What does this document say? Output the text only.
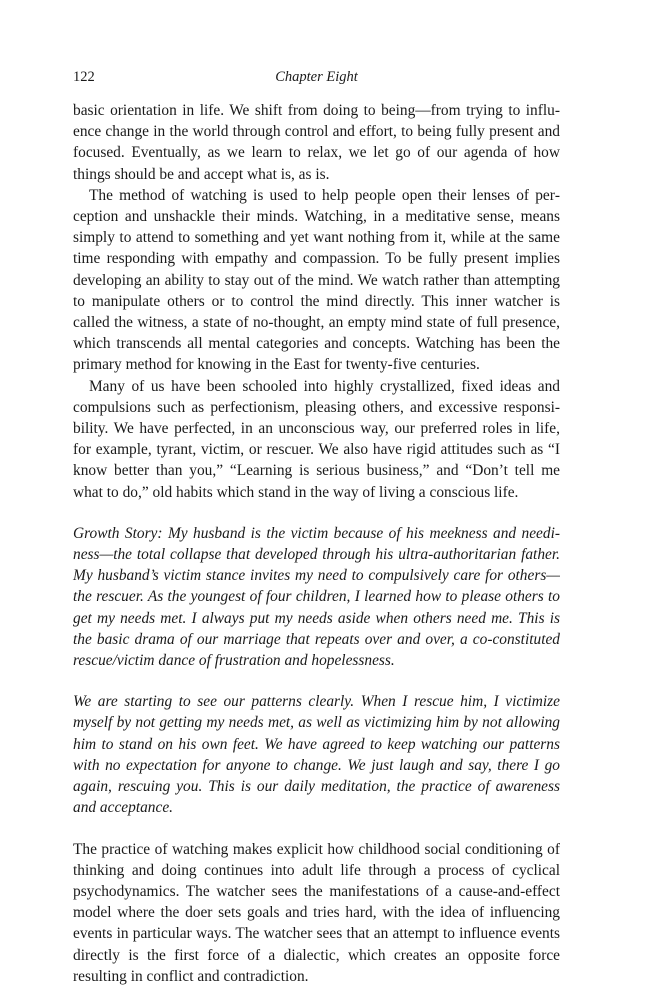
122	Chapter Eight

basic orientation in life. We shift from doing to being—from trying to influence change in the world through control and effort, to being fully present and focused. Eventually, as we learn to relax, we let go of our agenda of how things should be and accept what is, as is.

The method of watching is used to help people open their lenses of perception and unshackle their minds. Watching, in a meditative sense, means simply to attend to something and yet want nothing from it, while at the same time responding with empathy and compassion. To be fully present implies developing an ability to stay out of the mind. We watch rather than attempting to manipulate others or to control the mind directly. This inner watcher is called the witness, a state of no-thought, an empty mind state of full presence, which transcends all mental categories and concepts. Watching has been the primary method for knowing in the East for twenty-five centuries.

Many of us have been schooled into highly crystallized, fixed ideas and compulsions such as perfectionism, pleasing others, and excessive responsibility. We have perfected, in an unconscious way, our preferred roles in life, for example, tyrant, victim, or rescuer. We also have rigid attitudes such as “I know better than you,” “Learning is serious business,” and “Don’t tell me what to do,” old habits which stand in the way of living a conscious life.

Growth Story: My husband is the victim because of his meekness and neediness—the total collapse that developed through his ultra-authoritarian father. My husband’s victim stance invites my need to compulsively care for others—the rescuer. As the youngest of four children, I learned how to please others to get my needs met. I always put my needs aside when others need me. This is the basic drama of our marriage that repeats over and over, a co-constituted rescue/victim dance of frustration and hopelessness.

We are starting to see our patterns clearly. When I rescue him, I victimize myself by not getting my needs met, as well as victimizing him by not allowing him to stand on his own feet. We have agreed to keep watching our patterns with no expectation for anyone to change. We just laugh and say, there I go again, rescuing you. This is our daily meditation, the practice of awareness and acceptance.

The practice of watching makes explicit how childhood social conditioning of thinking and doing continues into adult life through a process of cyclical psychodynamics. The watcher sees the manifestations of a cause-and-effect model where the doer sets goals and tries hard, with the idea of influencing events in particular ways. The watcher sees that an attempt to influence events directly is the first force of a dialectic, which creates an opposite force resulting in conflict and contradiction.
